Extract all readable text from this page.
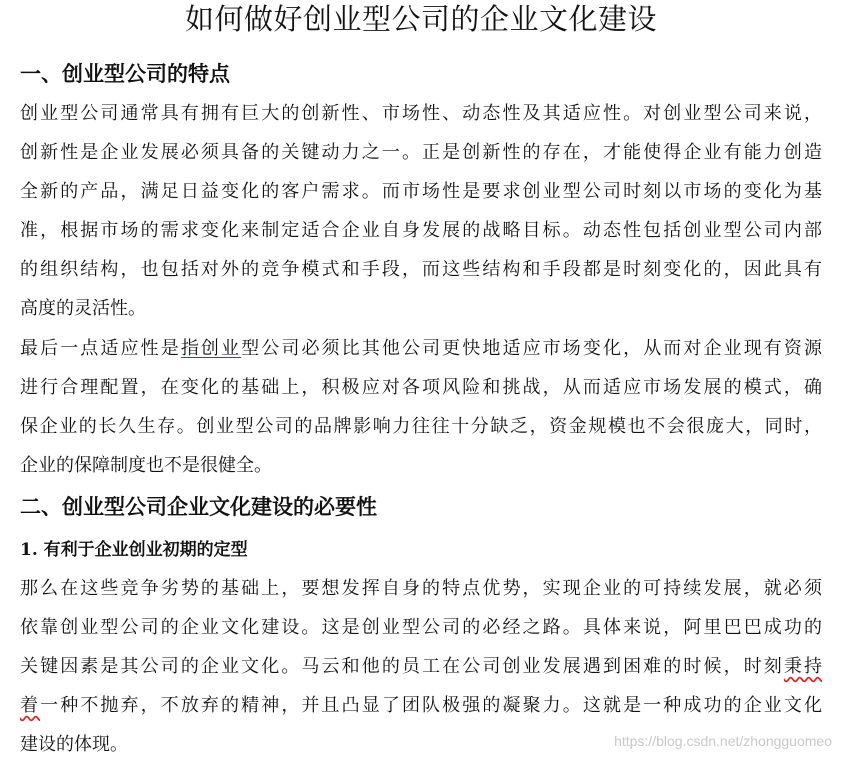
如何做好创业型公司的企业文化建设
一、创业型公司的特点
创业型公司通常具有拥有巨大的创新性、市场性、动态性及其适应性。对创业型公司来说，
创新性是企业发展必须具备的关键动力之一。正是创新性的存在，才能使得企业有能力创造
全新的产品，满足日益变化的客户需求。而市场性是要求创业型公司时刻以市场的变化为基
准，根据市场的需求变化来制定适合企业自身发展的战略目标。动态性包括创业型公司内部
的组织结构，也包括对外的竞争模式和手段，而这些结构和手段都是时刻变化的，因此具有
高度的灵活性。
最后一点适应性是指创业型公司必须比其他公司更快地适应市场变化，从而对企业现有资源
进行合理配置，在变化的基础上，积极应对各项风险和挑战，从而适应市场发展的模式，确
保企业的长久生存。创业型公司的品牌影响力往往十分缺乏，资金规模也不会很庞大，同时，
企业的保障制度也不是很健全。
二、创业型公司企业文化建设的必要性
1. 有利于企业创业初期的定型
那么在这些竞争劣势的基础上，要想发挥自身的特点优势，实现企业的可持续发展，就必须
依靠创业型公司的企业文化建设。这是创业型公司的必经之路。具体来说，阿里巴巴成功的
关键因素是其公司的企业文化。马云和他的员工在公司创业发展遇到困难的时候，时刻秉持
着一种不抛弃，不放弃的精神，并且凸显了团队极强的凝聚力。这就是一种成功的企业文化
建设的体现。	https://blog.csdn.net/zhongguomeo
